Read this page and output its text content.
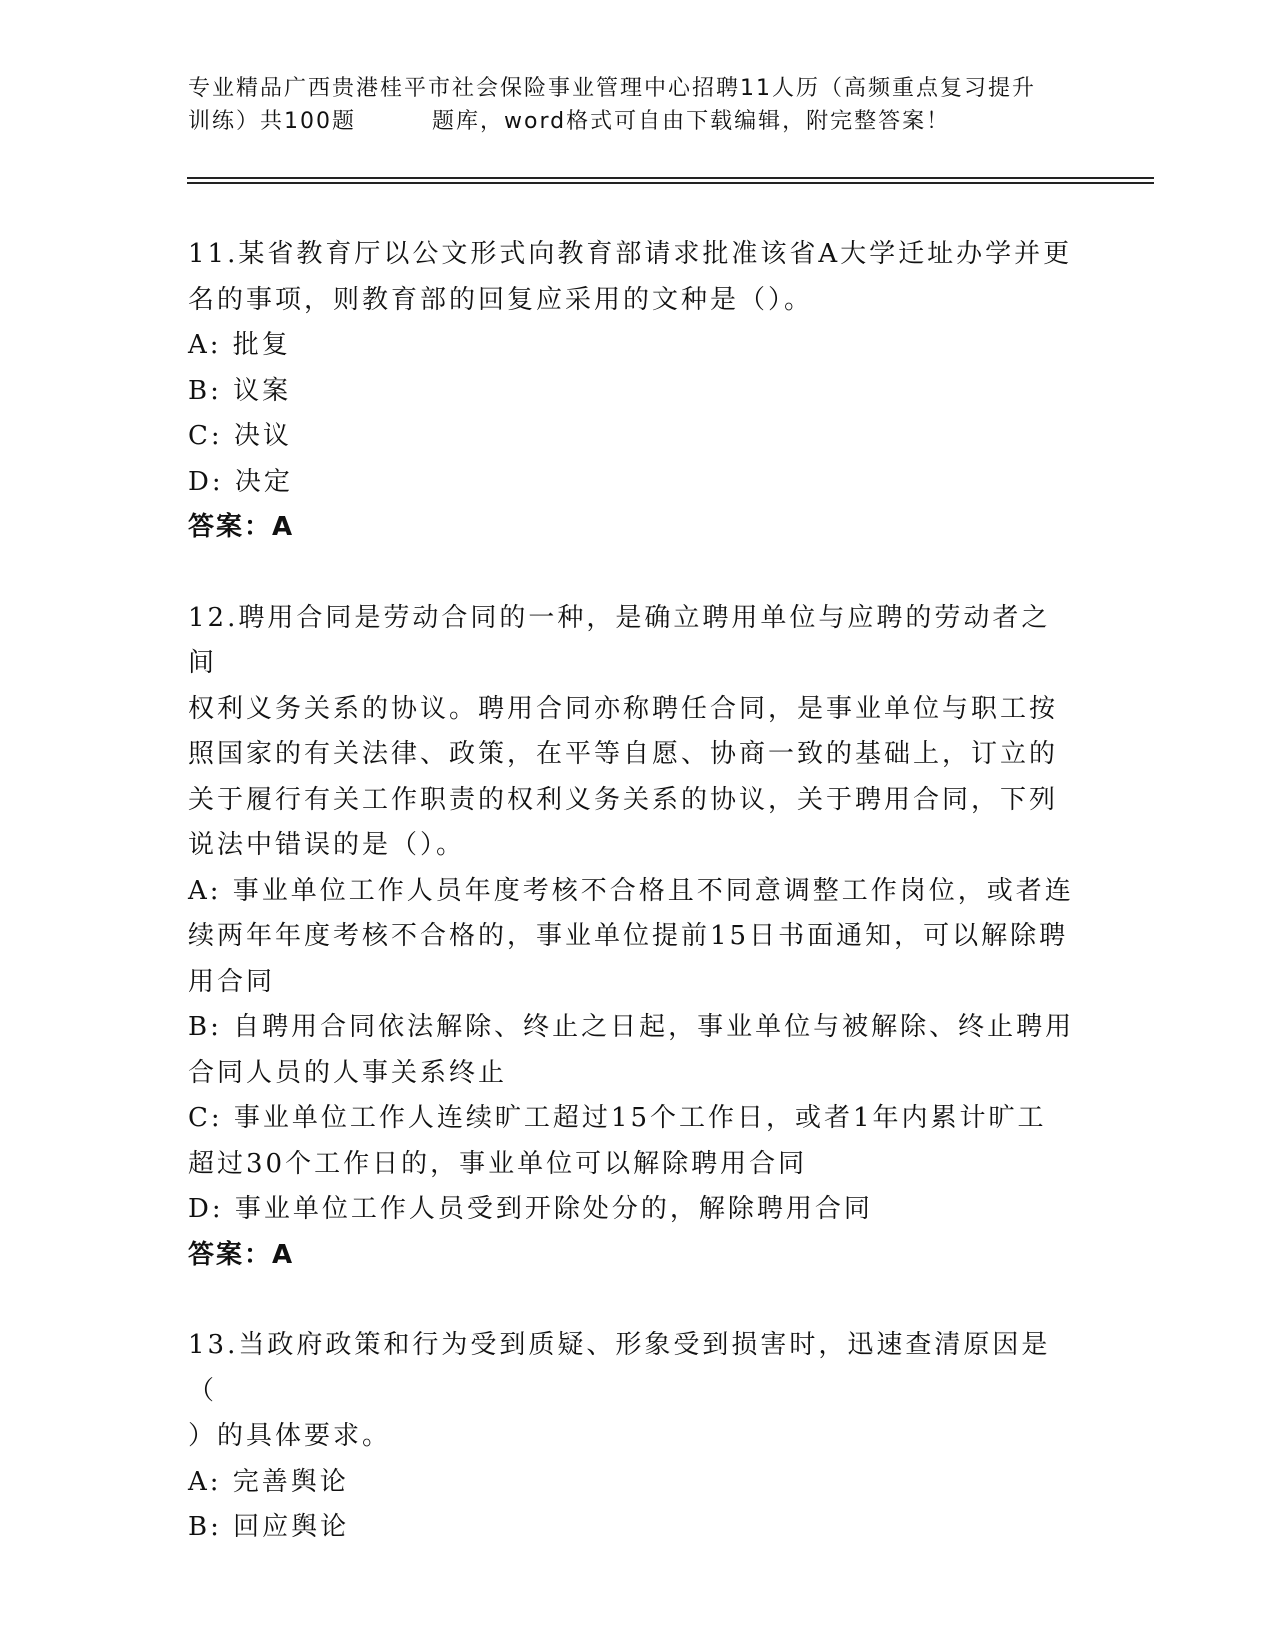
专业精品广西贵港桂平市社会保险事业管理中心招聘11人历（高频重点复习提升
训练）共100题	题库，word格式可自由下载编辑，附完整答案！

11.某省教育厅以公文形式向教育部请求批准该省A大学迁址办学并更

名的事项，则教育部的回复应采用的文种是（）。

A: 批复

B: 议案

C: 决议

D: 决定

答案：A

12.聘用合同是劳动合同的一种，是确立聘用单位与应聘的劳动者之间

权利义务关系的协议。聘用合同亦称聘任合同，是事业单位与职工按

照国家的有关法律、政策，在平等自愿、协商一致的基础上，订立的

关于履行有关工作职责的权利义务关系的协议，关于聘用合同，下列

说法中错误的是（）。

A: 事业单位工作人员年度考核不合格且不同意调整工作岗位，或者连

续两年年度考核不合格的，事业单位提前15日书面通知，可以解除聘

用合同

B: 自聘用合同依法解除、终止之日起，事业单位与被解除、终止聘用

合同人员的人事关系终止

C: 事业单位工作人连续旷工超过15个工作日，或者1年内累计旷工

超过30个工作日的，事业单位可以解除聘用合同

D: 事业单位工作人员受到开除处分的，解除聘用合同

答案：A

13.当政府政策和行为受到质疑、形象受到损害时，迅速查清原因是（

）的具体要求。

A: 完善舆论

B: 回应舆论
